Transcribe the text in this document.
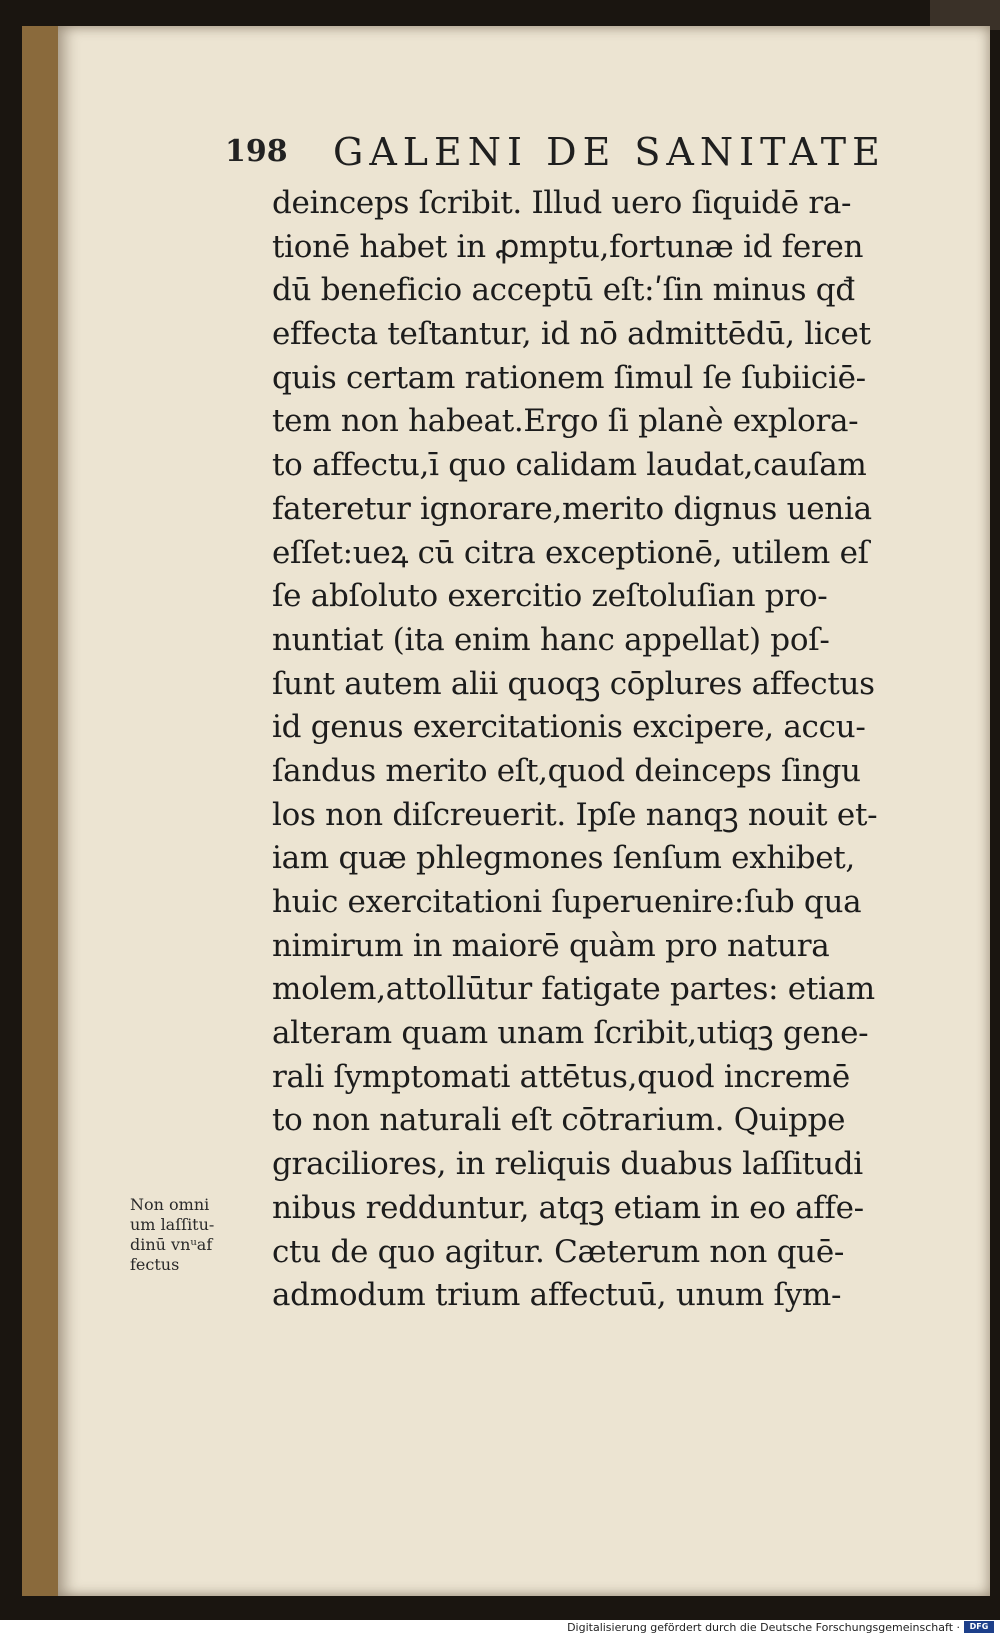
198 GALENI DE SANITATE
deinceps ſcribit. Illud uero ſiquidē ra-
tionē habet in ꝓmptu,fortunæ id feren
dū beneficio acceptū eſt:ʹſin minus qđ
effecta teſtantur, id nō admittēdū, licet
quis certam rationem ſimul ſe ſubiiciē-
tem non habeat.Ergo ſi planè explora-
to affectu,ī quo calidam laudat,cauſam
fateretur ignorare,merito dignus uenia
eſſet:ueꝝ cū citra exceptionē, utilem eſ
ſe abſoluto exercitio zeſtoluſian pro-
nuntiat (ita enim hanc appellat) poſ-
ſunt autem alii quoqꝫ cōplures affectus
id genus exercitationis excipere, accu-
ſandus merito eſt,quod deinceps ſingu
los non diſcreuerit. Ipſe nanqꝫ nouit et-
iam quæ phlegmones ſenſum exhibet,
huic exercitationi ſuperuenire:ſub qua
nimirum in maiorē quàm pro natura
molem,attollūtur fatigate partes: etiam
alteram quam unam ſcribit,utiqꝫ gene-
rali ſymptomati attētus,quod incremē
to non naturali eſt cōtrarium. Quippe
graciliores, in reliquis duabus laſſitudi
nibus redduntur, atqꝫ etiam in eo affe-
ctu de quo agitur. Cæterum non quē-
admodum trium affectuū, unum ſym-
Non omni
um laſſitu-
dinū vnᵘaf
fectus
Digitalisierung gefördert durch die Deutsche Forschungsgemeinschaft ·	DFG
